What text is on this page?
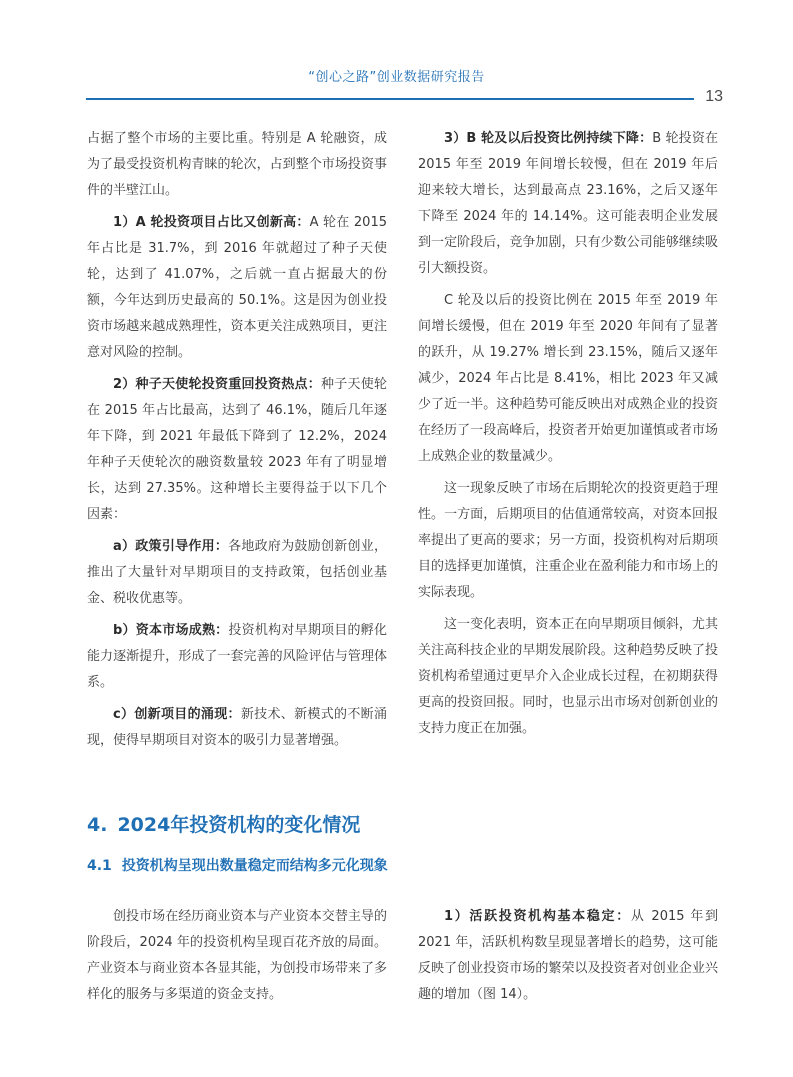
“创心之路”创业数据研究报告
13

占据了整个市场的主要比重。特别是 A 轮融资，成为了最受投资机构青睐的轮次，占到整个市场投资事件的半壁江山。

1）A 轮投资项目占比又创新高：A 轮在 2015 年占比是 31.7%，到 2016 年就超过了种子天使轮，达到了 41.07%，之后就一直占据最大的份额，今年达到历史最高的 50.1%。这是因为创业投资市场越来越成熟理性，资本更关注成熟项目，更注意对风险的控制。

2）种子天使轮投资重回投资热点：种子天使轮在 2015 年占比最高，达到了 46.1%，随后几年逐年下降，到 2021 年最低下降到了 12.2%，2024 年种子天使轮次的融资数量较 2023 年有了明显增长，达到 27.35%。这种增长主要得益于以下几个因素：

a）政策引导作用：各地政府为鼓励创新创业，推出了大量针对早期项目的支持政策，包括创业基金、税收优惠等。

b）资本市场成熟：投资机构对早期项目的孵化能力逐渐提升，形成了一套完善的风险评估与管理体系。

c）创新项目的涌现：新技术、新模式的不断涌现，使得早期项目对资本的吸引力显著增强。

3）B 轮及以后投资比例持续下降：B 轮投资在 2015 年至 2019 年间增长较慢，但在 2019 年后迎来较大增长，达到最高点 23.16%，之后又逐年下降至 2024 年的 14.14%。这可能表明企业发展到一定阶段后，竞争加剧，只有少数公司能够继续吸引大额投资。

C 轮及以后的投资比例在 2015 年至 2019 年间增长缓慢，但在 2019 年至 2020 年间有了显著的跃升，从 19.27% 增长到 23.15%，随后又逐年减少，2024 年占比是 8.41%，相比 2023 年又减少了近一半。这种趋势可能反映出对成熟企业的投资在经历了一段高峰后，投资者开始更加谨慎或者市场上成熟企业的数量减少。

这一现象反映了市场在后期轮次的投资更趋于理性。一方面，后期项目的估值通常较高，对资本回报率提出了更高的要求；另一方面，投资机构对后期项目的选择更加谨慎，注重企业在盈利能力和市场上的实际表现。

这一变化表明，资本正在向早期项目倾斜，尤其关注高科技企业的早期发展阶段。这种趋势反映了投资机构希望通过更早介入企业成长过程，在初期获得更高的投资回报。同时，也显示出市场对创新创业的支持力度正在加强。

4. 2024年投资机构的变化情况
4.1 投资机构呈现出数量稳定而结构多元化现象

创投市场在经历商业资本与产业资本交替主导的阶段后，2024 年的投资机构呈现百花齐放的局面。产业资本与商业资本各显其能，为创投市场带来了多样化的服务与多渠道的资金支持。

1）活跃投资机构基本稳定：从 2015 年到 2021 年，活跃机构数呈现显著增长的趋势，这可能反映了创业投资市场的繁荣以及投资者对创业企业兴趣的增加（图 14）。
